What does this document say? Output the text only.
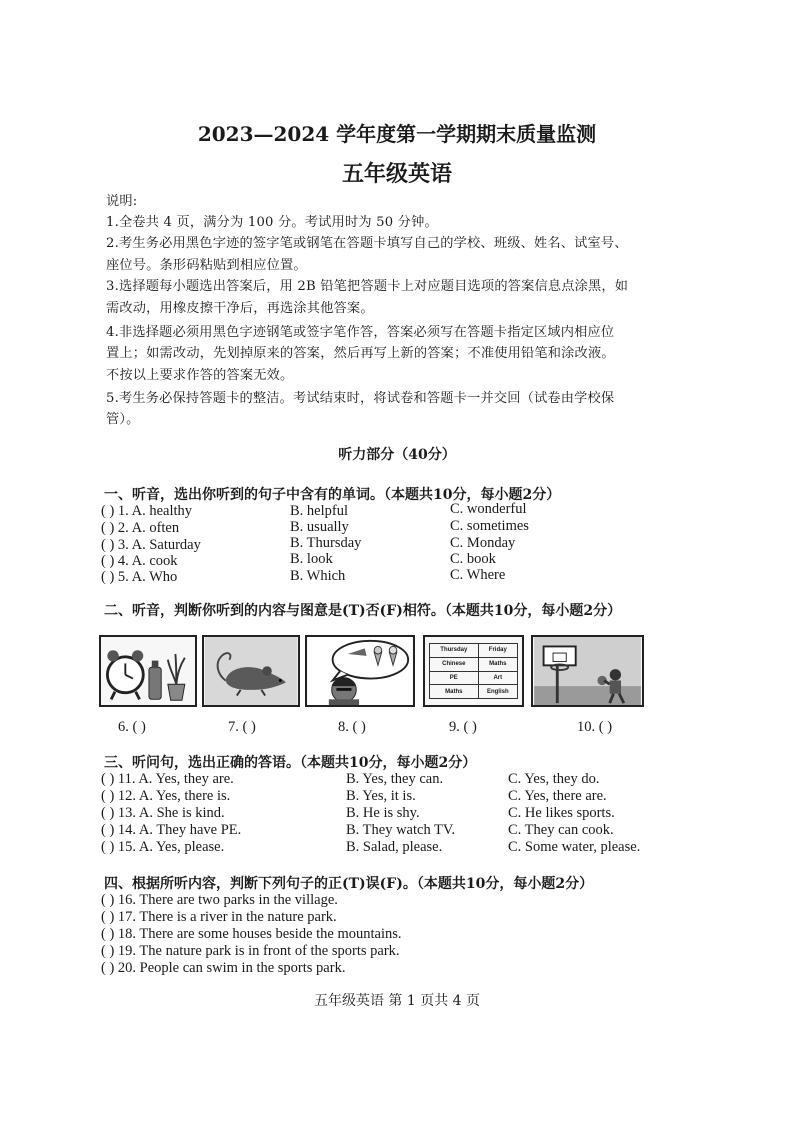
2023—2024 学年度第一学期期末质量监测
五年级英语
说明:
1.全卷共 4 页，满分为 100 分。考试用时为 50 分钟。
2.考生务必用黑色字迹的签字笔或钢笔在答题卡填写自己的学校、班级、姓名、试室号、
座位号。条形码粘贴到相应位置。
3.选择题每小题选出答案后，用 2B 铅笔把答题卡上对应题目选项的答案信息点涂黑，如
需改动，用橡皮擦干净后，再选涂其他答案。
4.非选择题必须用黑色字迹钢笔或签字笔作答，答案必须写在答题卡指定区域内相应位
置上；如需改动，先划掉原来的答案，然后再写上新的答案；不准使用铅笔和涂改液。
不按以上要求作答的答案无效。
5.考生务必保持答题卡的整洁。考试结束时，将试卷和答题卡一并交回（试卷由学校保
管）。
听力部分（40分）
一、听音，选出你听到的句子中含有的单词。（本题共10分，每小题2分）
( ) 1. A. healthy	B. helpful	C. wonderful
( ) 2. A. often	B. usually	C. sometimes
( ) 3. A. Saturday	B. Thursday	C. Monday
( ) 4. A. cook	B. look	C. book
( ) 5. A. Who	B. Which	C. Where
二、听音，判断你听到的内容与图意是(T)否(F)相符。（本题共10分，每小题2分）
Thursday	Friday
Chinese	Maths
PE	Art
Maths	English
6. ( )	7. ( )	8. ( )	9. ( )	10. ( )
三、听问句，选出正确的答语。（本题共10分，每小题2分）
( ) 11. A. Yes, they are.	B. Yes, they can.	C. Yes, they do.
( ) 12. A. Yes, there is.	B. Yes, it is.	C. Yes, there are.
( ) 13. A. She is kind.	B. He is shy.	C. He likes sports.
( ) 14. A. They have PE.	B. They watch TV.	C. They can cook.
( ) 15. A. Yes, please.	B. Salad, please.	C. Some water, please.
四、根据所听内容，判断下列句子的正(T)误(F)。（本题共10分，每小题2分）
( ) 16. There are two parks in the village.
( ) 17. There is a river in the nature park.
( ) 18. There are some houses beside the mountains.
( ) 19. The nature park is in front of the sports park.
( ) 20. People can swim in the sports park.
五年级英语 第 1 页共 4 页
